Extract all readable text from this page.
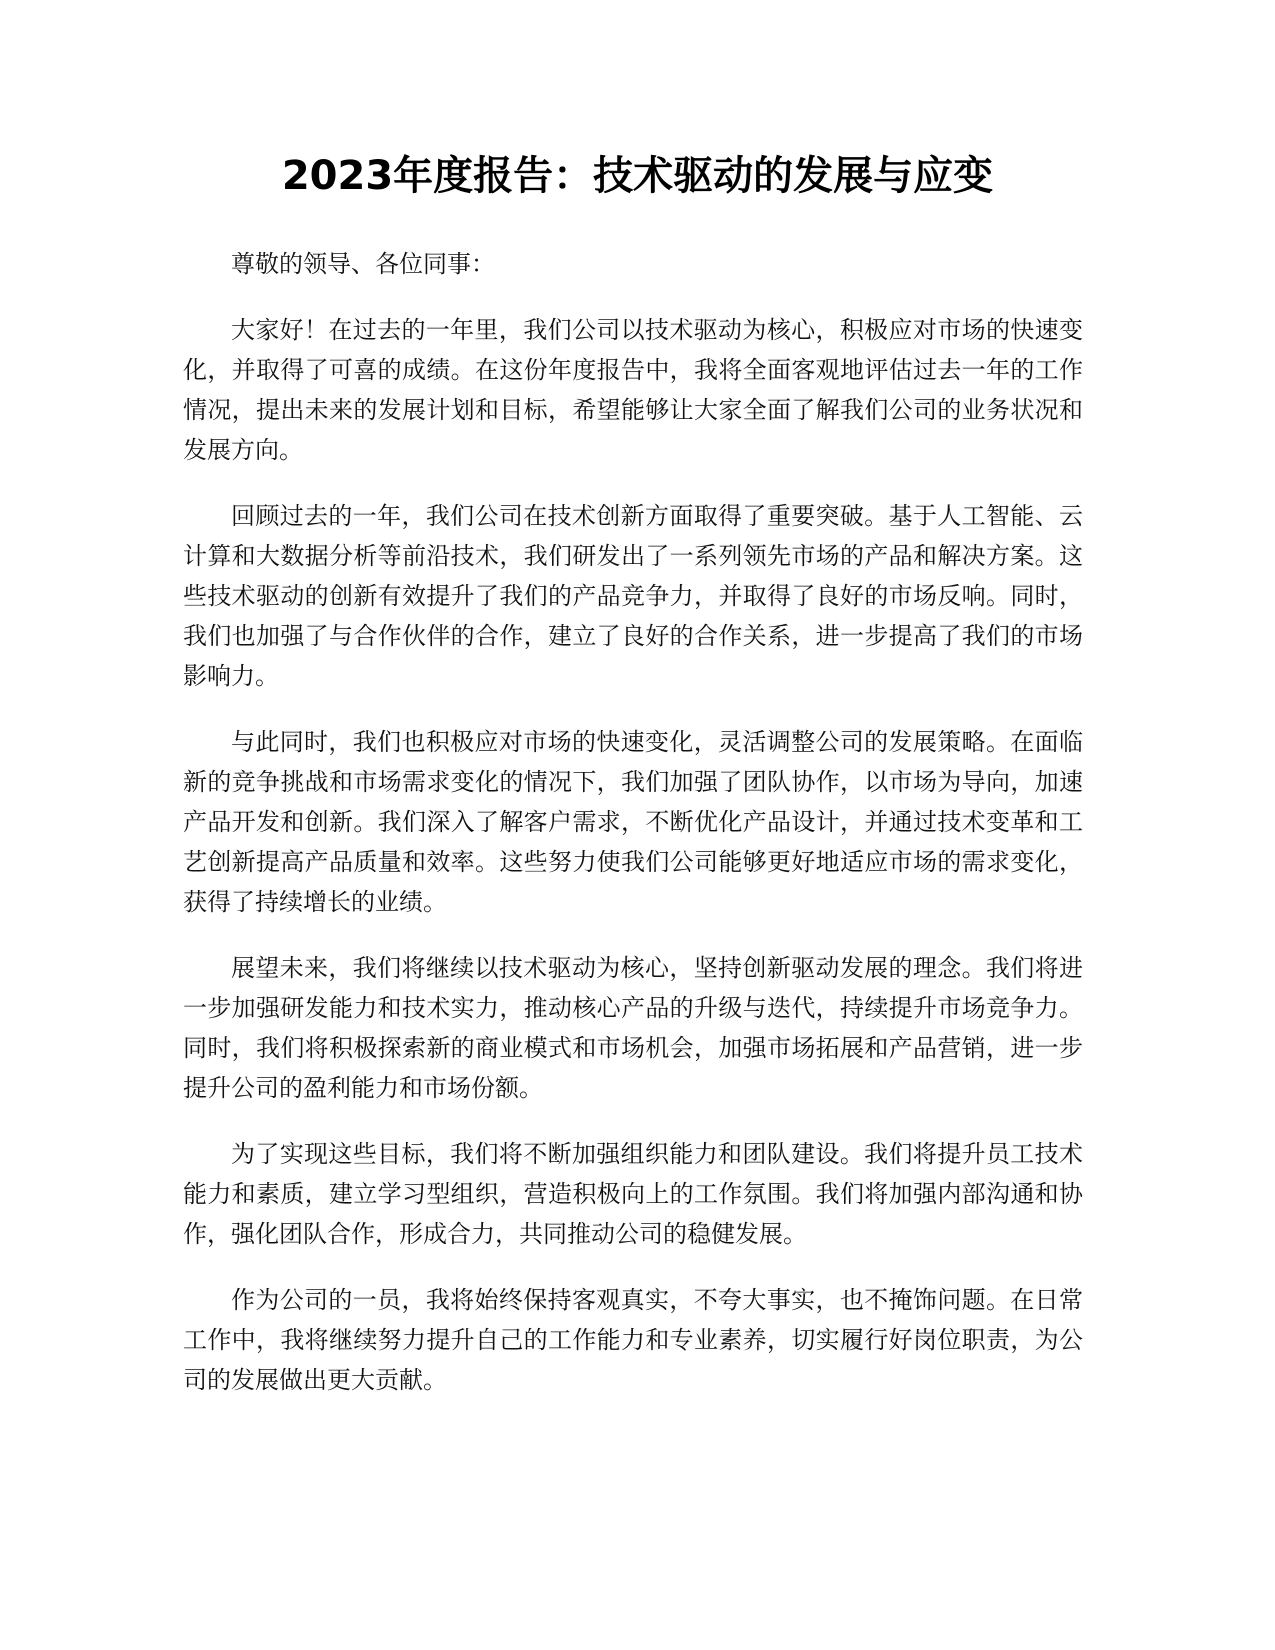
2023年度报告：技术驱动的发展与应变

尊敬的领导、各位同事：

大家好！在过去的一年里，我们公司以技术驱动为核心，积极应对市场的快速变化，并取得了可喜的成绩。在这份年度报告中，我将全面客观地评估过去一年的工作情况，提出未来的发展计划和目标，希望能够让大家全面了解我们公司的业务状况和发展方向。

回顾过去的一年，我们公司在技术创新方面取得了重要突破。基于人工智能、云计算和大数据分析等前沿技术，我们研发出了一系列领先市场的产品和解决方案。这些技术驱动的创新有效提升了我们的产品竞争力，并取得了良好的市场反响。同时，我们也加强了与合作伙伴的合作，建立了良好的合作关系，进一步提高了我们的市场影响力。

与此同时，我们也积极应对市场的快速变化，灵活调整公司的发展策略。在面临新的竞争挑战和市场需求变化的情况下，我们加强了团队协作，以市场为导向，加速产品开发和创新。我们深入了解客户需求，不断优化产品设计，并通过技术变革和工艺创新提高产品质量和效率。这些努力使我们公司能够更好地适应市场的需求变化，获得了持续增长的业绩。

展望未来，我们将继续以技术驱动为核心，坚持创新驱动发展的理念。我们将进一步加强研发能力和技术实力，推动核心产品的升级与迭代，持续提升市场竞争力。同时，我们将积极探索新的商业模式和市场机会，加强市场拓展和产品营销，进一步提升公司的盈利能力和市场份额。

为了实现这些目标，我们将不断加强组织能力和团队建设。我们将提升员工技术能力和素质，建立学习型组织，营造积极向上的工作氛围。我们将加强内部沟通和协作，强化团队合作，形成合力，共同推动公司的稳健发展。

作为公司的一员，我将始终保持客观真实，不夸大事实，也不掩饰问题。在日常工作中，我将继续努力提升自己的工作能力和专业素养，切实履行好岗位职责，为公司的发展做出更大贡献。
